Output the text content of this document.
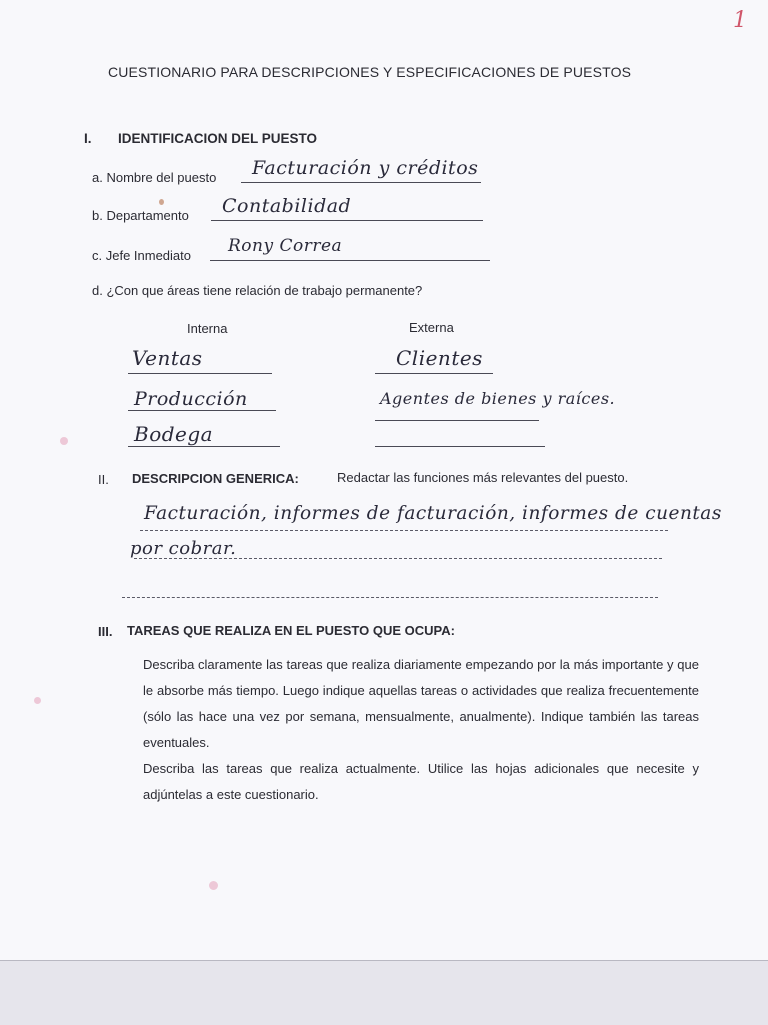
1
CUESTIONARIO PARA DESCRIPCIONES Y ESPECIFICACIONES DE PUESTOS
I. IDENTIFICACION DEL PUESTO
a. Nombre del puesto Facturación y créditos
b. Departamento Contabilidad
c. Jefe Inmediato Rony Correa
d. ¿Con que áreas tiene relación de trabajo permanente?
Interna	Externa
Ventas
Producción
Bodega
Clientes
Agentes de bienes y raíces.
II. DESCRIPCION GENERICA:	Redactar las funciones más relevantes del puesto.
Facturación, informes de facturación, informes de cuentas
por cobrar.
III. TAREAS QUE REALIZA EN EL PUESTO QUE OCUPA:

Describa claramente las tareas que realiza diariamente empezando por la más importante y que le absorbe más tiempo. Luego indique aquellas tareas o actividades que realiza frecuentemente (sólo las hace una vez por semana, mensualmente, anualmente). Indique también las tareas eventuales.

Describa las tareas que realiza actualmente. Utilice las hojas adicionales que necesite y adjúntelas a este cuestionario.
